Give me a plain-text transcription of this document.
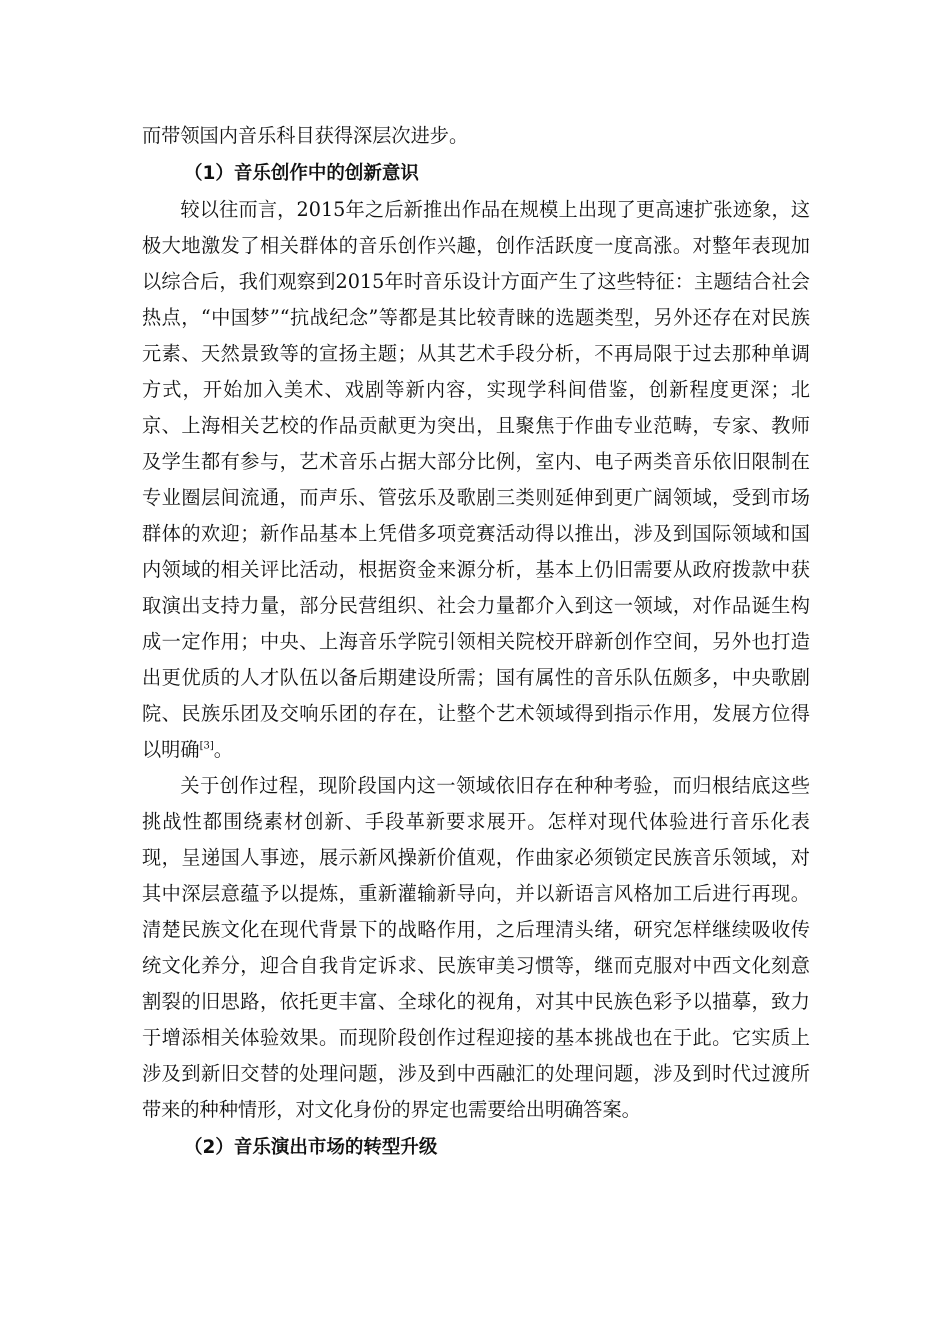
而带领国内音乐科目获得深层次进步。

（1）音乐创作中的创新意识

较以往而言，2015年之后新推出作品在规模上出现了更高速扩张迹象，这极大地激发了相关群体的音乐创作兴趣，创作活跃度一度高涨。对整年表现加以综合后，我们观察到2015年时音乐设计方面产生了这些特征：主题结合社会热点，“中国梦”“抗战纪念”等都是其比较青睐的选题类型，另外还存在对民族元素、天然景致等的宣扬主题；从其艺术手段分析，不再局限于过去那种单调方式，开始加入美术、戏剧等新内容，实现学科间借鉴，创新程度更深；北京、上海相关艺校的作品贡献更为突出，且聚焦于作曲专业范畴，专家、教师及学生都有参与，艺术音乐占据大部分比例，室内、电子两类音乐依旧限制在专业圈层间流通，而声乐、管弦乐及歌剧三类则延伸到更广阔领域，受到市场群体的欢迎；新作品基本上凭借多项竞赛活动得以推出，涉及到国际领域和国内领域的相关评比活动，根据资金来源分析，基本上仍旧需要从政府拨款中获取演出支持力量，部分民营组织、社会力量都介入到这一领域，对作品诞生构成一定作用；中央、上海音乐学院引领相关院校开辟新创作空间，另外也打造出更优质的人才队伍以备后期建设所需；国有属性的音乐队伍颇多，中央歌剧院、民族乐团及交响乐团的存在，让整个艺术领域得到指示作用，发展方位得以明确[3]。

关于创作过程，现阶段国内这一领域依旧存在种种考验，而归根结底这些挑战性都围绕素材创新、手段革新要求展开。怎样对现代体验进行音乐化表现，呈递国人事迹，展示新风操新价值观，作曲家必须锁定民族音乐领域，对其中深层意蕴予以提炼，重新灌输新导向，并以新语言风格加工后进行再现。清楚民族文化在现代背景下的战略作用，之后理清头绪，研究怎样继续吸收传统文化养分，迎合自我肯定诉求、民族审美习惯等，继而克服对中西文化刻意割裂的旧思路，依托更丰富、全球化的视角，对其中民族色彩予以描摹，致力于增添相关体验效果。而现阶段创作过程迎接的基本挑战也在于此。它实质上涉及到新旧交替的处理问题，涉及到中西融汇的处理问题，涉及到时代过渡所带来的种种情形，对文化身份的界定也需要给出明确答案。

（2）音乐演出市场的转型升级
